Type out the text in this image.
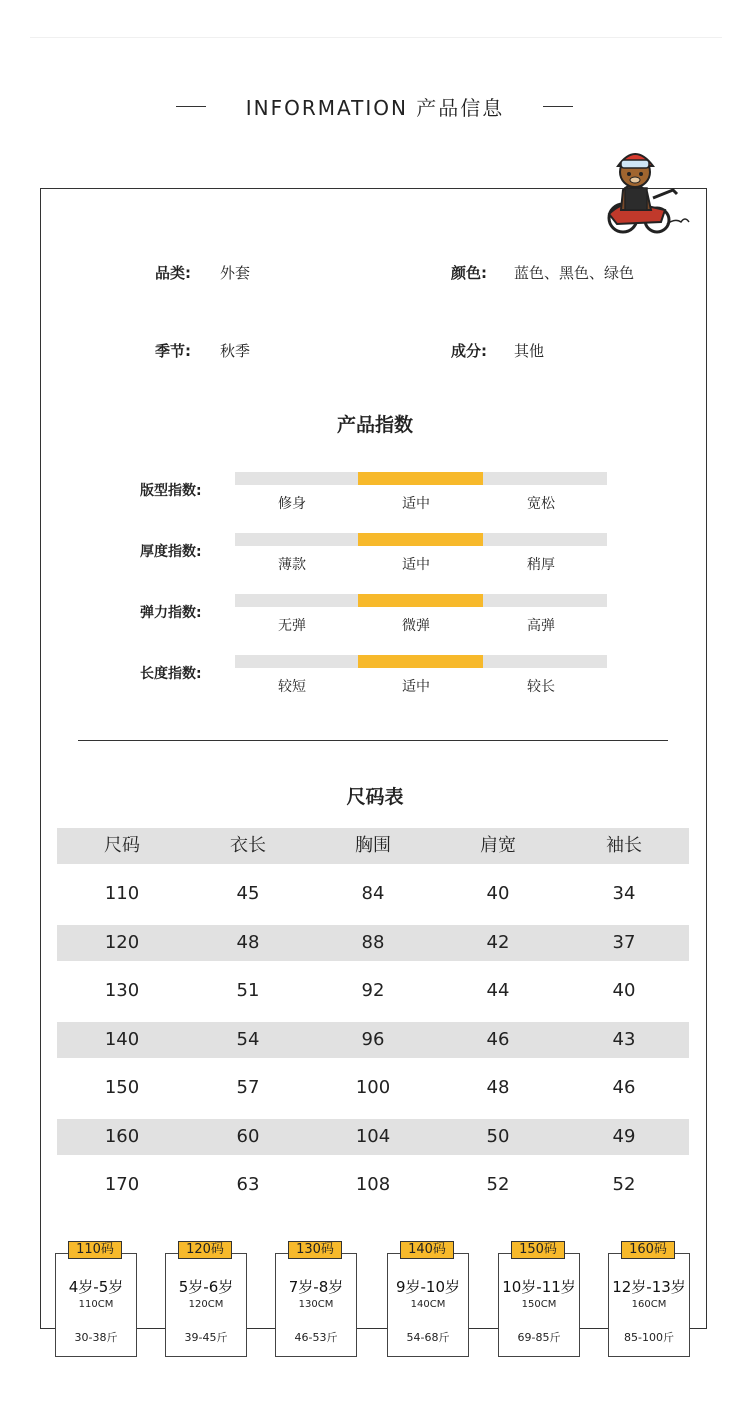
INFORMATION 产品信息
品类: 外套	颜色: 蓝色、黑色、绿色
季节: 秋季	成分: 其他
产品指数
版型指数:
修身	适中	宽松
厚度指数:
薄款	适中	稍厚
弹力指数:
无弹	微弹	高弹
长度指数:
较短	适中	较长
尺码表
尺码	衣长	胸围	肩宽	袖长
110	45	84	40	34
120	48	88	42	37
130	51	92	44	40
140	54	96	46	43
150	57	100	48	46
160	60	104	50	49
170	63	108	52	52
110码
4岁-5岁
110CM
30-38斤
120码
5岁-6岁
120CM
39-45斤
130码
7岁-8岁
130CM
46-53斤
140码
9岁-10岁
140CM
54-68斤
150码
10岁-11岁
150CM
69-85斤
160码
12岁-13岁
160CM
85-100斤
